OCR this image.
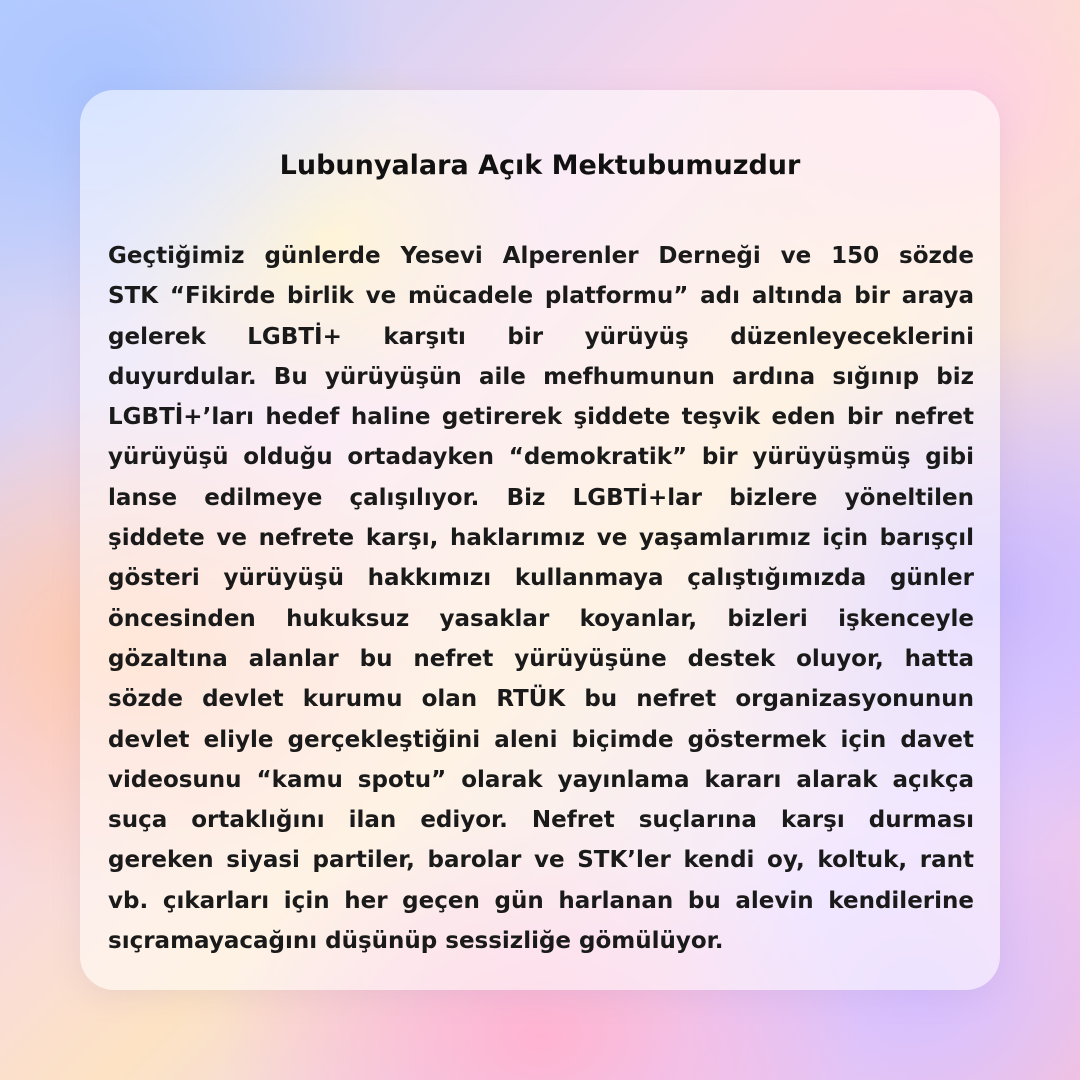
Lubunyalara Açık Mektubumuzdur
Geçtiğimiz günlerde Yesevi Alperenler Derneği ve 150 sözde
STK “Fikirde birlik ve mücadele platformu” adı altında bir araya
gelerek LGBTİ+ karşıtı bir yürüyüş düzenleyeceklerini
duyurdular. Bu yürüyüşün aile mefhumunun ardına sığınıp biz
LGBTİ+’ları hedef haline getirerek şiddete teşvik eden bir nefret
yürüyüşü olduğu ortadayken “demokratik” bir yürüyüşmüş gibi
lanse edilmeye çalışılıyor. Biz LGBTİ+lar bizlere yöneltilen
şiddete ve nefrete karşı, haklarımız ve yaşamlarımız için barışçıl
gösteri yürüyüşü hakkımızı kullanmaya çalıştığımızda günler
öncesinden hukuksuz yasaklar koyanlar, bizleri işkenceyle
gözaltına alanlar bu nefret yürüyüşüne destek oluyor, hatta
sözde devlet kurumu olan RTÜK bu nefret organizasyonunun
devlet eliyle gerçekleştiğini aleni biçimde göstermek için davet
videosunu “kamu spotu” olarak yayınlama kararı alarak açıkça
suça ortaklığını ilan ediyor. Nefret suçlarına karşı durması
gereken siyasi partiler, barolar ve STK’ler kendi oy, koltuk, rant
vb. çıkarları için her geçen gün harlanan bu alevin kendilerine
sıçramayacağını düşünüp sessizliğe gömülüyor.
